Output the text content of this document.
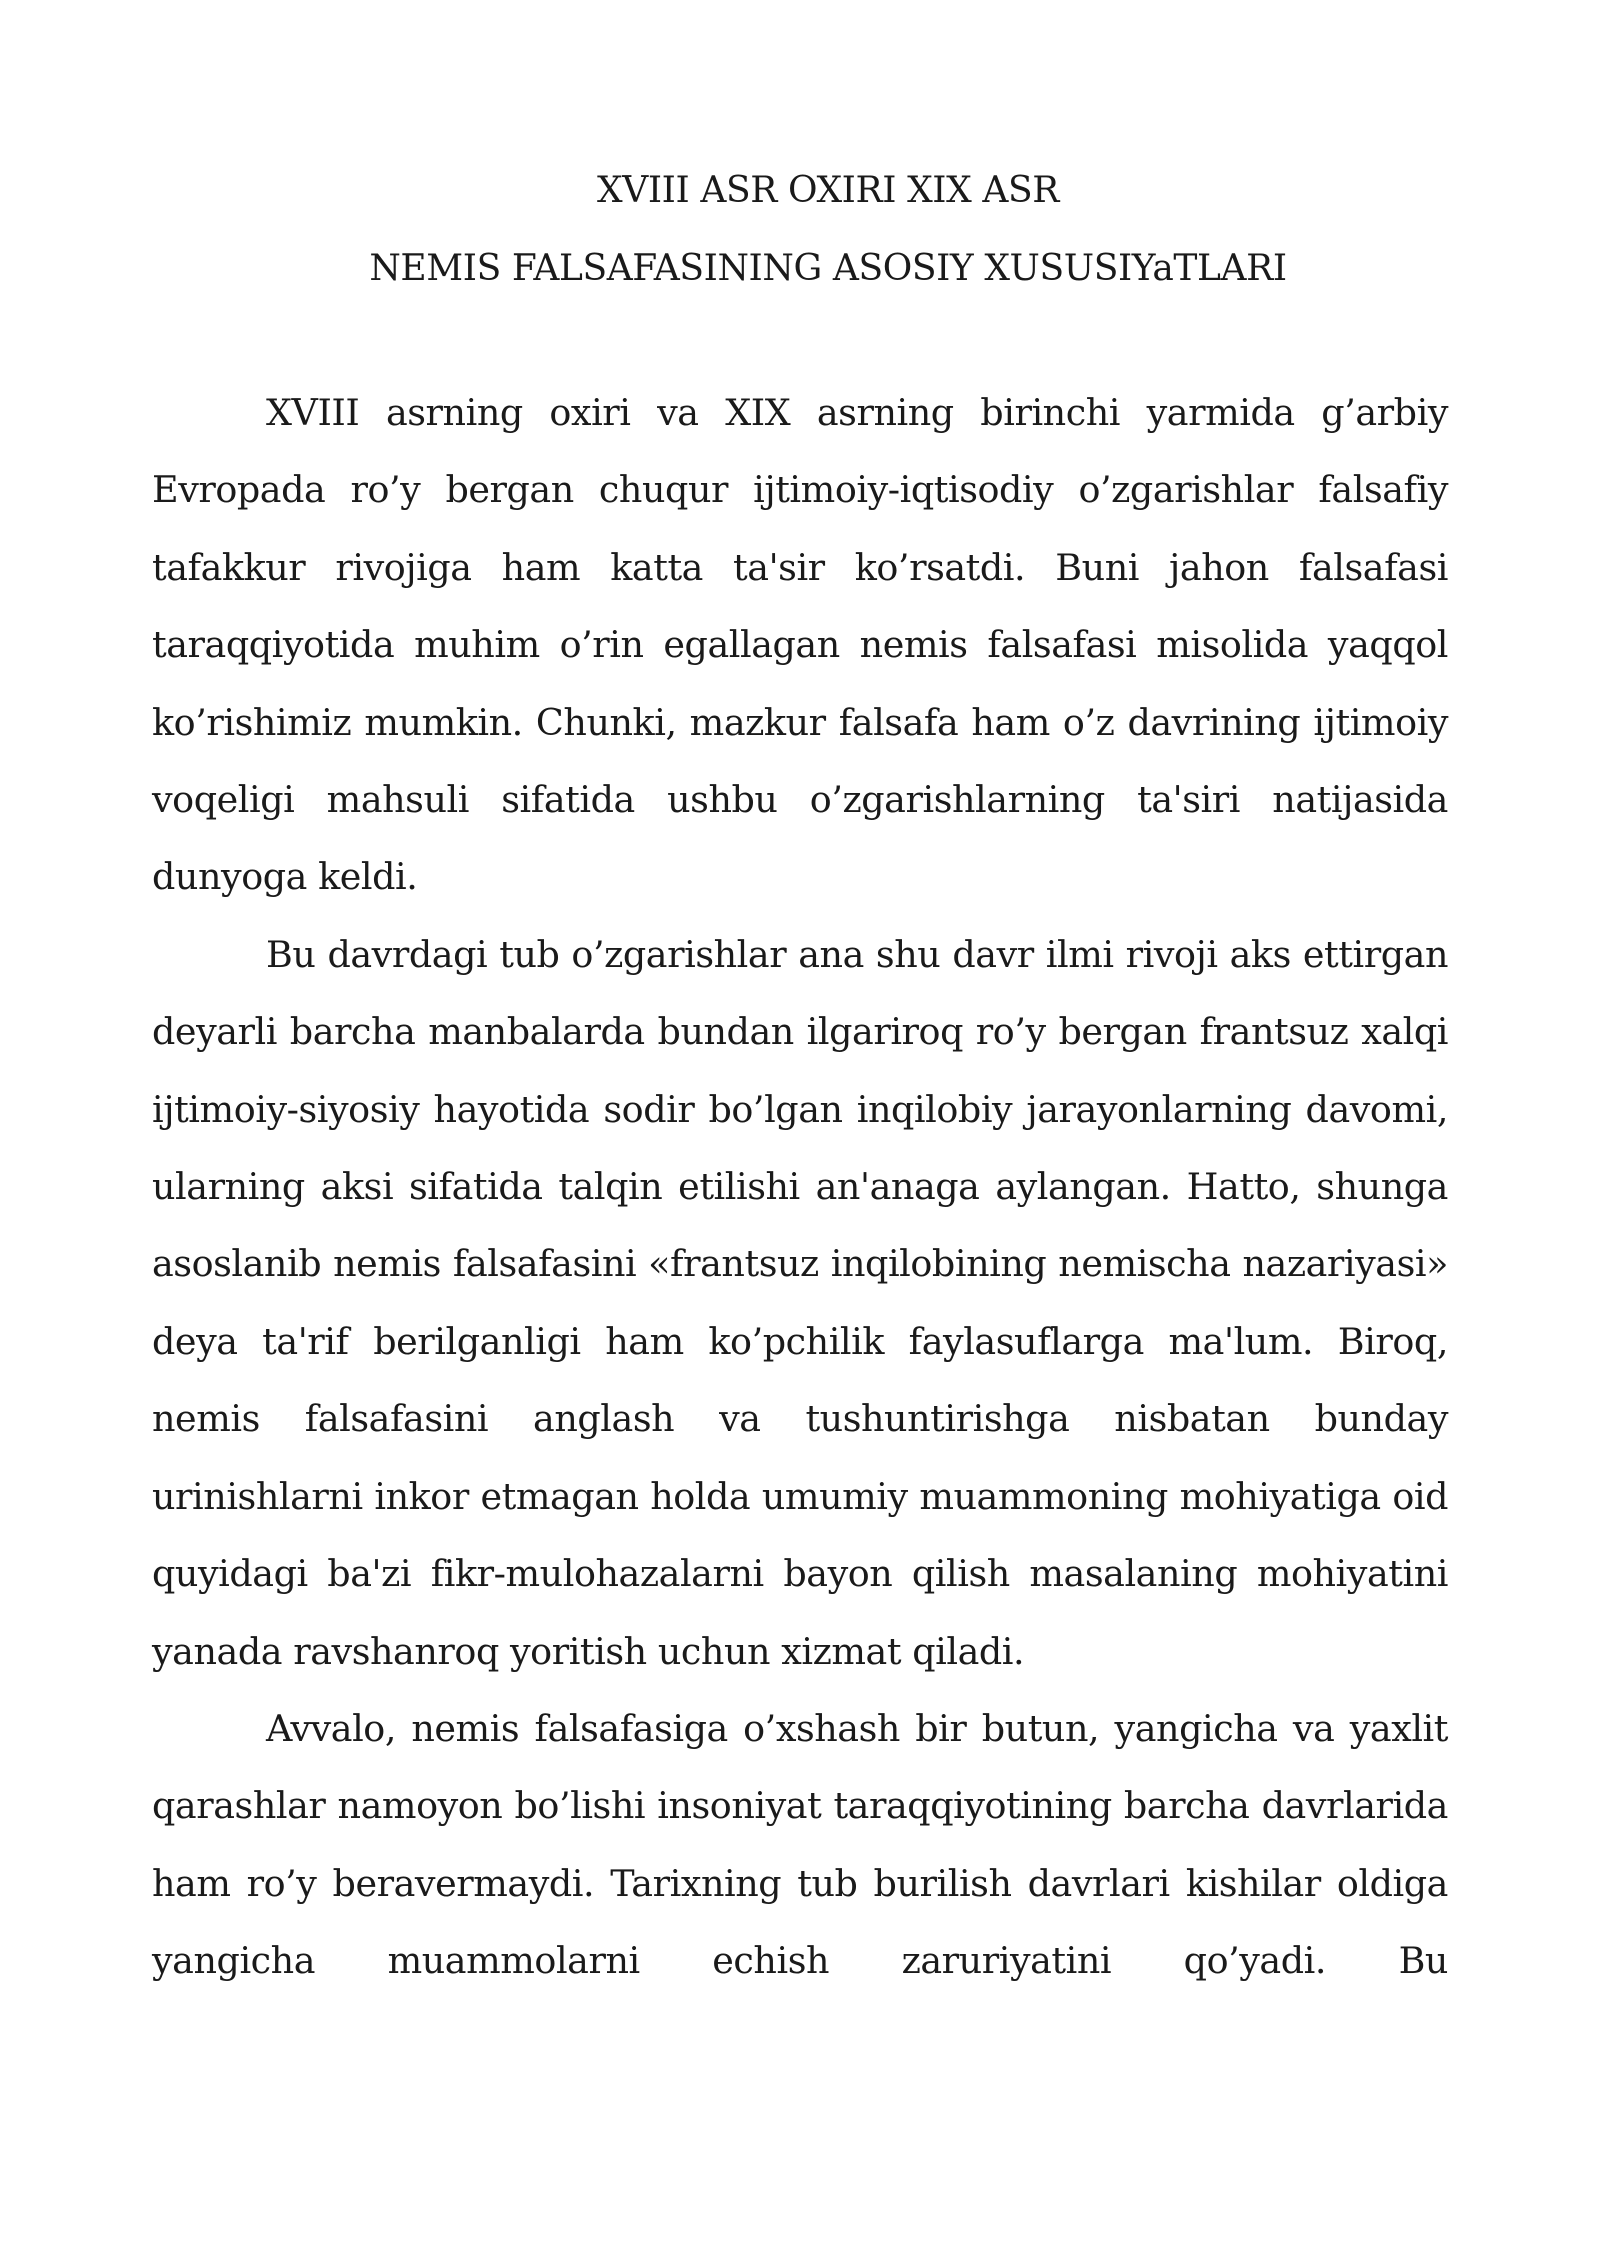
XVIII ASR OXIRI XIX ASR
NEMIS FALSAFASINING ASOSIY XUSUSIYaTLARI

XVIII asrning oxiri va XIX asrning birinchi yarmida g’arbiy Evropada ro’y bergan chuqur ijtimoiy-iqtisodiy o’zgarishlar falsafiy tafakkur rivojiga ham katta ta'sir ko’rsatdi. Buni jahon falsafasi taraqqiyotida muhim o’rin egallagan nemis falsafasi misolida yaqqol ko’rishimiz mumkin. Chunki, mazkur falsafa ham o’z davrining ijtimoiy voqeligi mahsuli sifatida ushbu o’zgarishlarning ta'siri natijasida dunyoga keldi.

Bu davrdagi tub o’zgarishlar ana shu davr ilmi rivoji aks ettirgan deyarli barcha manbalarda bundan ilgariroq ro’y bergan frantsuz xalqi ijtimoiy-siyosiy hayotida sodir bo’lgan inqilobiy jarayonlarning davomi, ularning aksi sifatida talqin etilishi an'anaga aylangan. Hatto, shunga asoslanib nemis falsafasini «frantsuz inqilobining nemischa nazariyasi» deya ta'rif berilganligi ham ko’pchilik faylasuflarga ma'lum. Biroq, nemis falsafasini anglash va tushuntirishga nisbatan bunday urinishlarni inkor etmagan holda umumiy muammoning mohiyatiga oid quyidagi ba'zi fikr-mulohazalarni bayon qilish masalaning mohiyatini yanada ravshanroq yoritish uchun xizmat qiladi.

Avvalo, nemis falsafasiga o’xshash bir butun, yangicha va yaxlit qarashlar namoyon bo’lishi insoniyat taraqqiyotining barcha davrlarida ham ro’y beravermaydi. Tarixning tub burilish davrlari kishilar oldiga yangicha muammolarni echish zaruriyatini qo’yadi. Bu
